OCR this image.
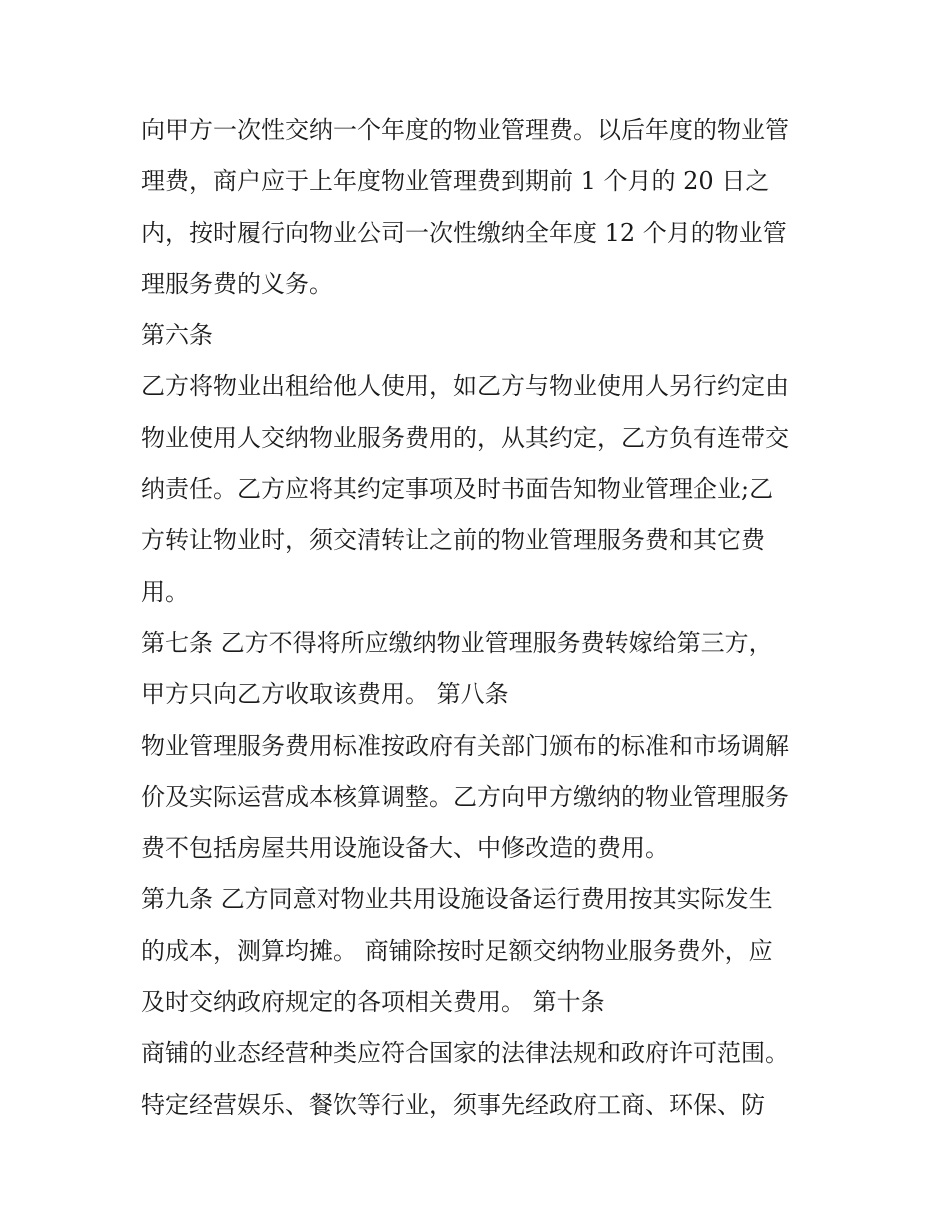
向甲方一次性交纳一个年度的物业管理费。以后年度的物业管
理费，商户应于上年度物业管理费到期前 1 个月的 20 日之
内，按时履行向物业公司一次性缴纳全年度 12 个月的物业管
理服务费的义务。
第六条
乙方将物业出租给他人使用，如乙方与物业使用人另行约定由
物业使用人交纳物业服务费用的，从其约定，乙方负有连带交
纳责任。乙方应将其约定事项及时书面告知物业管理企业;乙
方转让物业时，须交清转让之前的物业管理服务费和其它费
用。
第七条 乙方不得将所应缴纳物业管理服务费转嫁给第三方，
甲方只向乙方收取该费用。 第八条
物业管理服务费用标准按政府有关部门颁布的标准和市场调解
价及实际运营成本核算调整。乙方向甲方缴纳的物业管理服务
费不包括房屋共用设施设备大、中修改造的费用。
第九条 乙方同意对物业共用设施设备运行费用按其实际发生
的成本，测算均摊。 商铺除按时足额交纳物业服务费外，应
及时交纳政府规定的各项相关费用。 第十条
商铺的业态经营种类应符合国家的法律法规和政府许可范围。
特定经营娱乐、餐饮等行业，须事先经政府工商、环保、防
